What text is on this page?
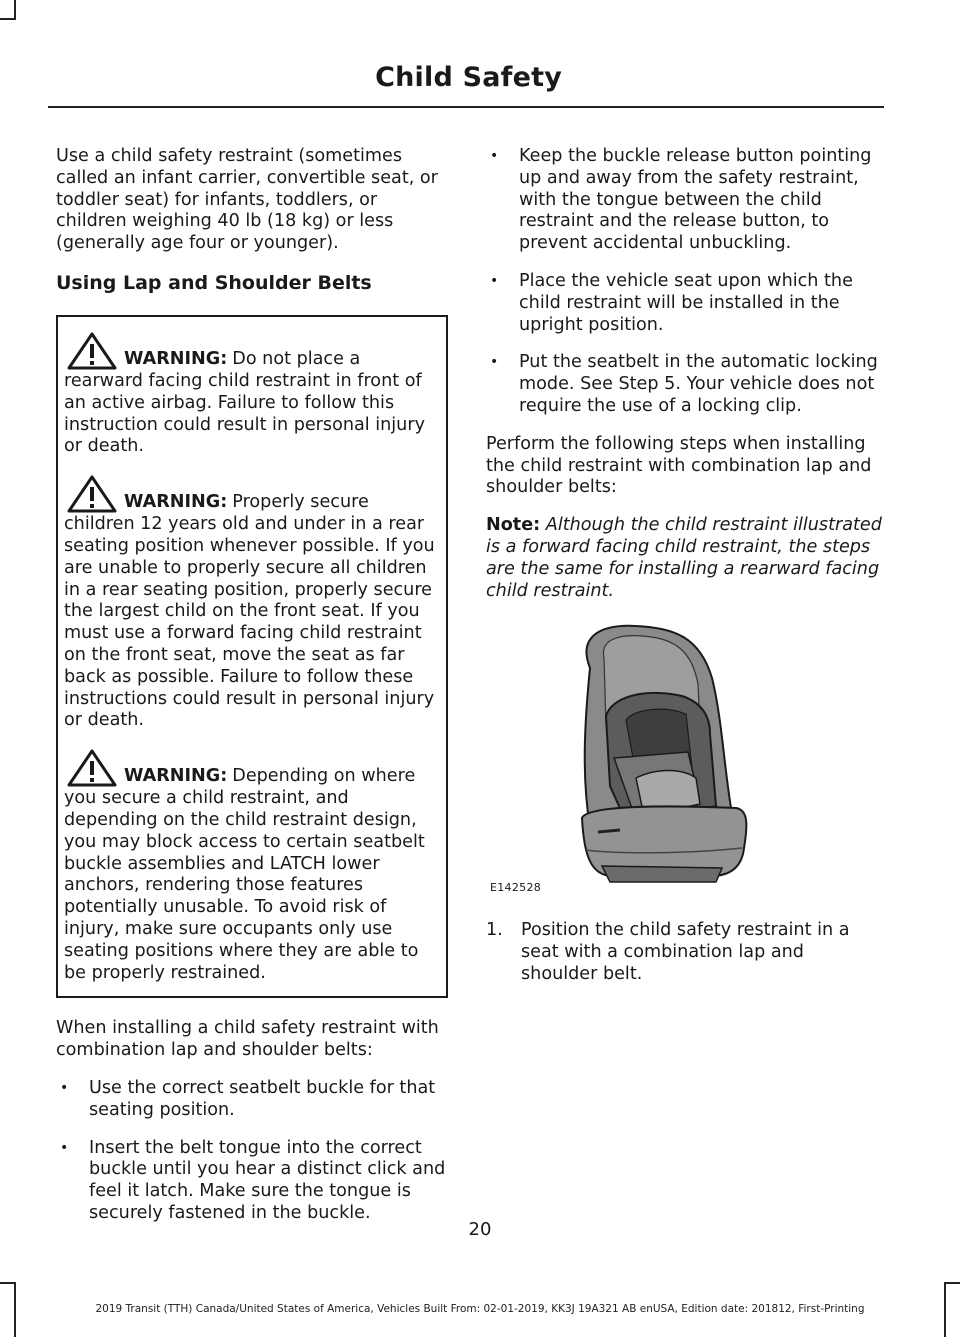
Child Safety

Use a child safety restraint (sometimes called an infant carrier, convertible seat, or toddler seat) for infants, toddlers, or children weighing 40 lb (18 kg) or less (generally age four or younger).

Using Lap and Shoulder Belts
WARNING: Do not place a
rearward facing child restraint in front of an active airbag. Failure to follow this instruction could result in personal injury or death.
WARNING: Properly secure
children 12 years old and under in a rear seating position whenever possible. If you are unable to properly secure all children in a rear seating position, properly secure the largest child on the front seat. If you must use a forward facing child restraint on the front seat, move the seat as far back as possible. Failure to follow these instructions could result in personal injury or death.
WARNING: Depending on where
you secure a child restraint, and depending on the child restraint design, you may block access to certain seatbelt buckle assemblies and LATCH lower anchors, rendering those features potentially unusable. To avoid risk of injury, make sure occupants only use seating positions where they are able to be properly restrained.

When installing a child safety restraint with combination lap and shoulder belts:

• Use the correct seatbelt buckle for that seating position.
• Insert the belt tongue into the correct buckle until you hear a distinct click and feel it latch. Make sure the tongue is securely fastened in the buckle.
• Keep the buckle release button pointing up and away from the safety restraint, with the tongue between the child restraint and the release button, to prevent accidental unbuckling.
• Place the vehicle seat upon which the child restraint will be installed in the upright position.
• Put the seatbelt in the automatic locking mode. See Step 5. Your vehicle does not require the use of a locking clip.

Perform the following steps when installing the child restraint with combination lap and shoulder belts:

Note: Although the child restraint illustrated is a forward facing child restraint, the steps are the same for installing a rearward facing child restraint.

E142528
1. Position the child safety restraint in a seat with a combination lap and shoulder belt.
20
2019 Transit (TTH) Canada/United States of America, Vehicles Built From: 02-01-2019, KK3J 19A321 AB enUSA, Edition date: 201812, First-Printing
